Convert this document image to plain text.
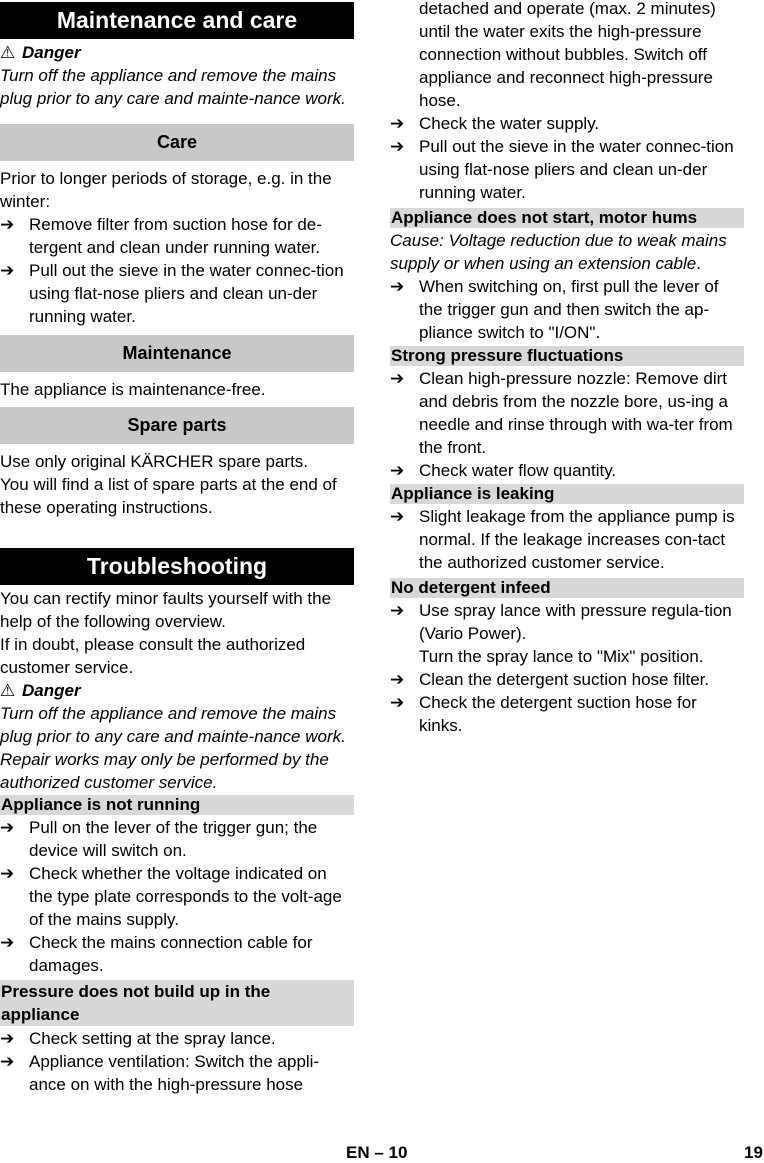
Maintenance and care

⚠ Danger

Turn off the appliance and remove the mains plug prior to any care and mainte-nance work.

Care

Prior to longer periods of storage, e.g. in the winter:

➔ Remove filter from suction hose for de-tergent and clean under running water.
➔ Pull out the sieve in the water connec-tion using flat-nose pliers and clean un-der running water.
Maintenance

The appliance is maintenance-free.

Spare parts

Use only original KÄRCHER spare parts.

You will find a list of spare parts at the end of these operating instructions.

Troubleshooting

You can rectify minor faults yourself with the help of the following overview.

If in doubt, please consult the authorized customer service.

⚠ Danger

Turn off the appliance and remove the mains plug prior to any care and mainte-nance work.

Repair works may only be performed by the authorized customer service.

Appliance is not running
➔ Pull on the lever of the trigger gun; the device will switch on.
➔ Check whether the voltage indicated on the type plate corresponds to the volt-age of the mains supply.
➔ Check the mains connection cable for damages.
Pressure does not build up in the appliance
➔ Check setting at the spray lance.
➔ Appliance ventilation: Switch the appli-ance on with the high-pressure hose

detached and operate (max. 2 minutes) until the water exits the high-pressure connection without bubbles. Switch off appliance and reconnect high-pressure hose.

➔ Check the water supply.
➔ Pull out the sieve in the water connec-tion using flat-nose pliers and clean un-der running water.
Appliance does not start, motor hums

Cause: Voltage reduction due to weak mains supply or when using an extension cable.

➔ When switching on, first pull the lever of the trigger gun and then switch the ap-pliance switch to "I/ON".
Strong pressure fluctuations
➔ Clean high-pressure nozzle: Remove dirt and debris from the nozzle bore, us-ing a needle and rinse through with wa-ter from the front.
➔ Check water flow quantity.
Appliance is leaking
➔ Slight leakage from the appliance pump is normal. If the leakage increases con-tact the authorized customer service.
No detergent infeed
➔ Use spray lance with pressure regula-tion (Vario Power).
Turn the spray lance to "Mix" position.
➔ Clean the detergent suction hose filter.
➔ Check the detergent suction hose for kinks.
EN – 10	19
